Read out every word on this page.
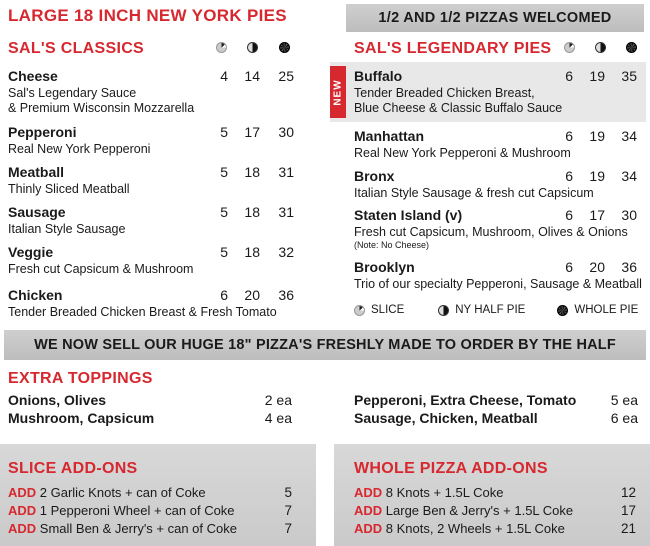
LARGE 18 INCH NEW YORK PIES	1/2 AND 1/2 PIZZAS WELCOMED
SAL'S CLASSICS
Cheese
Sal's Legendary Sauce
& Premium Wisconsin Mozzarella
4	14	25
Pepperoni
Real New York Pepperoni
5	17	30
Meatball
Thinly Sliced Meatball
5	18	31
Sausage
Italian Style Sausage
5	18	31
Veggie
Fresh cut Capsicum & Mushroom
5	18	32
Chicken
Tender Breaded Chicken Breast & Fresh Tomato
6	20	36
SAL'S LEGENDARY PIES
NEW
Buffalo
Tender Breaded Chicken Breast,
Blue Cheese & Classic Buffalo Sauce
6	19	35
Manhattan
Real New York Pepperoni & Mushroom
6	19	34
Bronx
Italian Style Sausage & fresh cut Capsicum
6	19	34
Staten Island (v)
Fresh cut Capsicum, Mushroom, Olives & Onions
(Note: No Cheese)
6	17	30
Brooklyn
Trio of our specialty Pepperoni, Sausage & Meatball
6	20	36
SLICE	NY HALF PIE	WHOLE PIE
WE NOW SELL OUR HUGE 18" PIZZA'S FRESHLY MADE TO ORDER BY THE HALF
EXTRA TOPPINGS
Onions, Olives	2 ea
Mushroom, Capsicum	4 ea
Pepperoni, Extra Cheese, Tomato	5 ea
Sausage, Chicken, Meatball	6 ea
SLICE ADD-ONS	WHOLE PIZZA ADD-ONS
ADD 2 Garlic Knots + can of Coke	5
ADD 1 Pepperoni Wheel + can of Coke	7
ADD Small Ben & Jerry's + can of Coke	7
ADD 8 Knots + 1.5L Coke	12
ADD Large Ben & Jerry's + 1.5L Coke	17
ADD 8 Knots, 2 Wheels + 1.5L Coke	21
